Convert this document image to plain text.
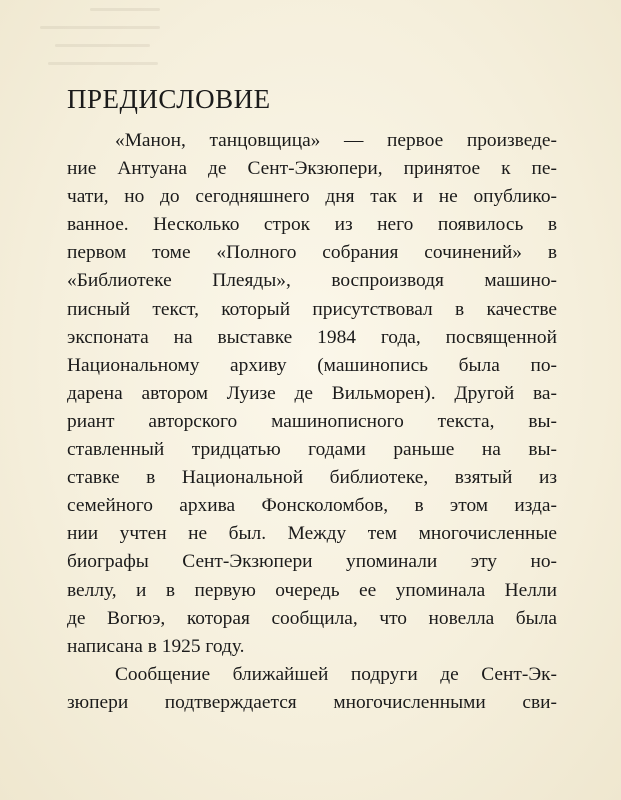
ПРЕДИСЛОВИЕ
«Манон, танцовщица» — первое произведе-
ние Антуана де Сент-Экзюпери, принятое к пе-
чати, но до сегодняшнего дня так и не опублико-
ванное. Несколько строк из него появилось в
первом томе «Полного собрания сочинений» в
«Библиотеке Плеяды», воспроизводя машино-
писный текст, который присутствовал в качестве
экспоната на выставке 1984 года, посвященной
Национальному архиву (машинопись была по-
дарена автором Луизе де Вильморен). Другой ва-
риант авторского машинописного текста, вы-
ставленный тридцатью годами раньше на вы-
ставке в Национальной библиотеке, взятый из
семейного архива Фонсколомбов, в этом изда-
нии учтен не был. Между тем многочисленные
биографы Сент-Экзюпери упоминали эту но-
веллу, и в первую очередь ее упоминала Нелли
де Вогюэ, которая сообщила, что новелла была
написана в 1925 году.
Сообщение ближайшей подруги де Сент-Эк-
зюпери подтверждается многочисленными сви-
